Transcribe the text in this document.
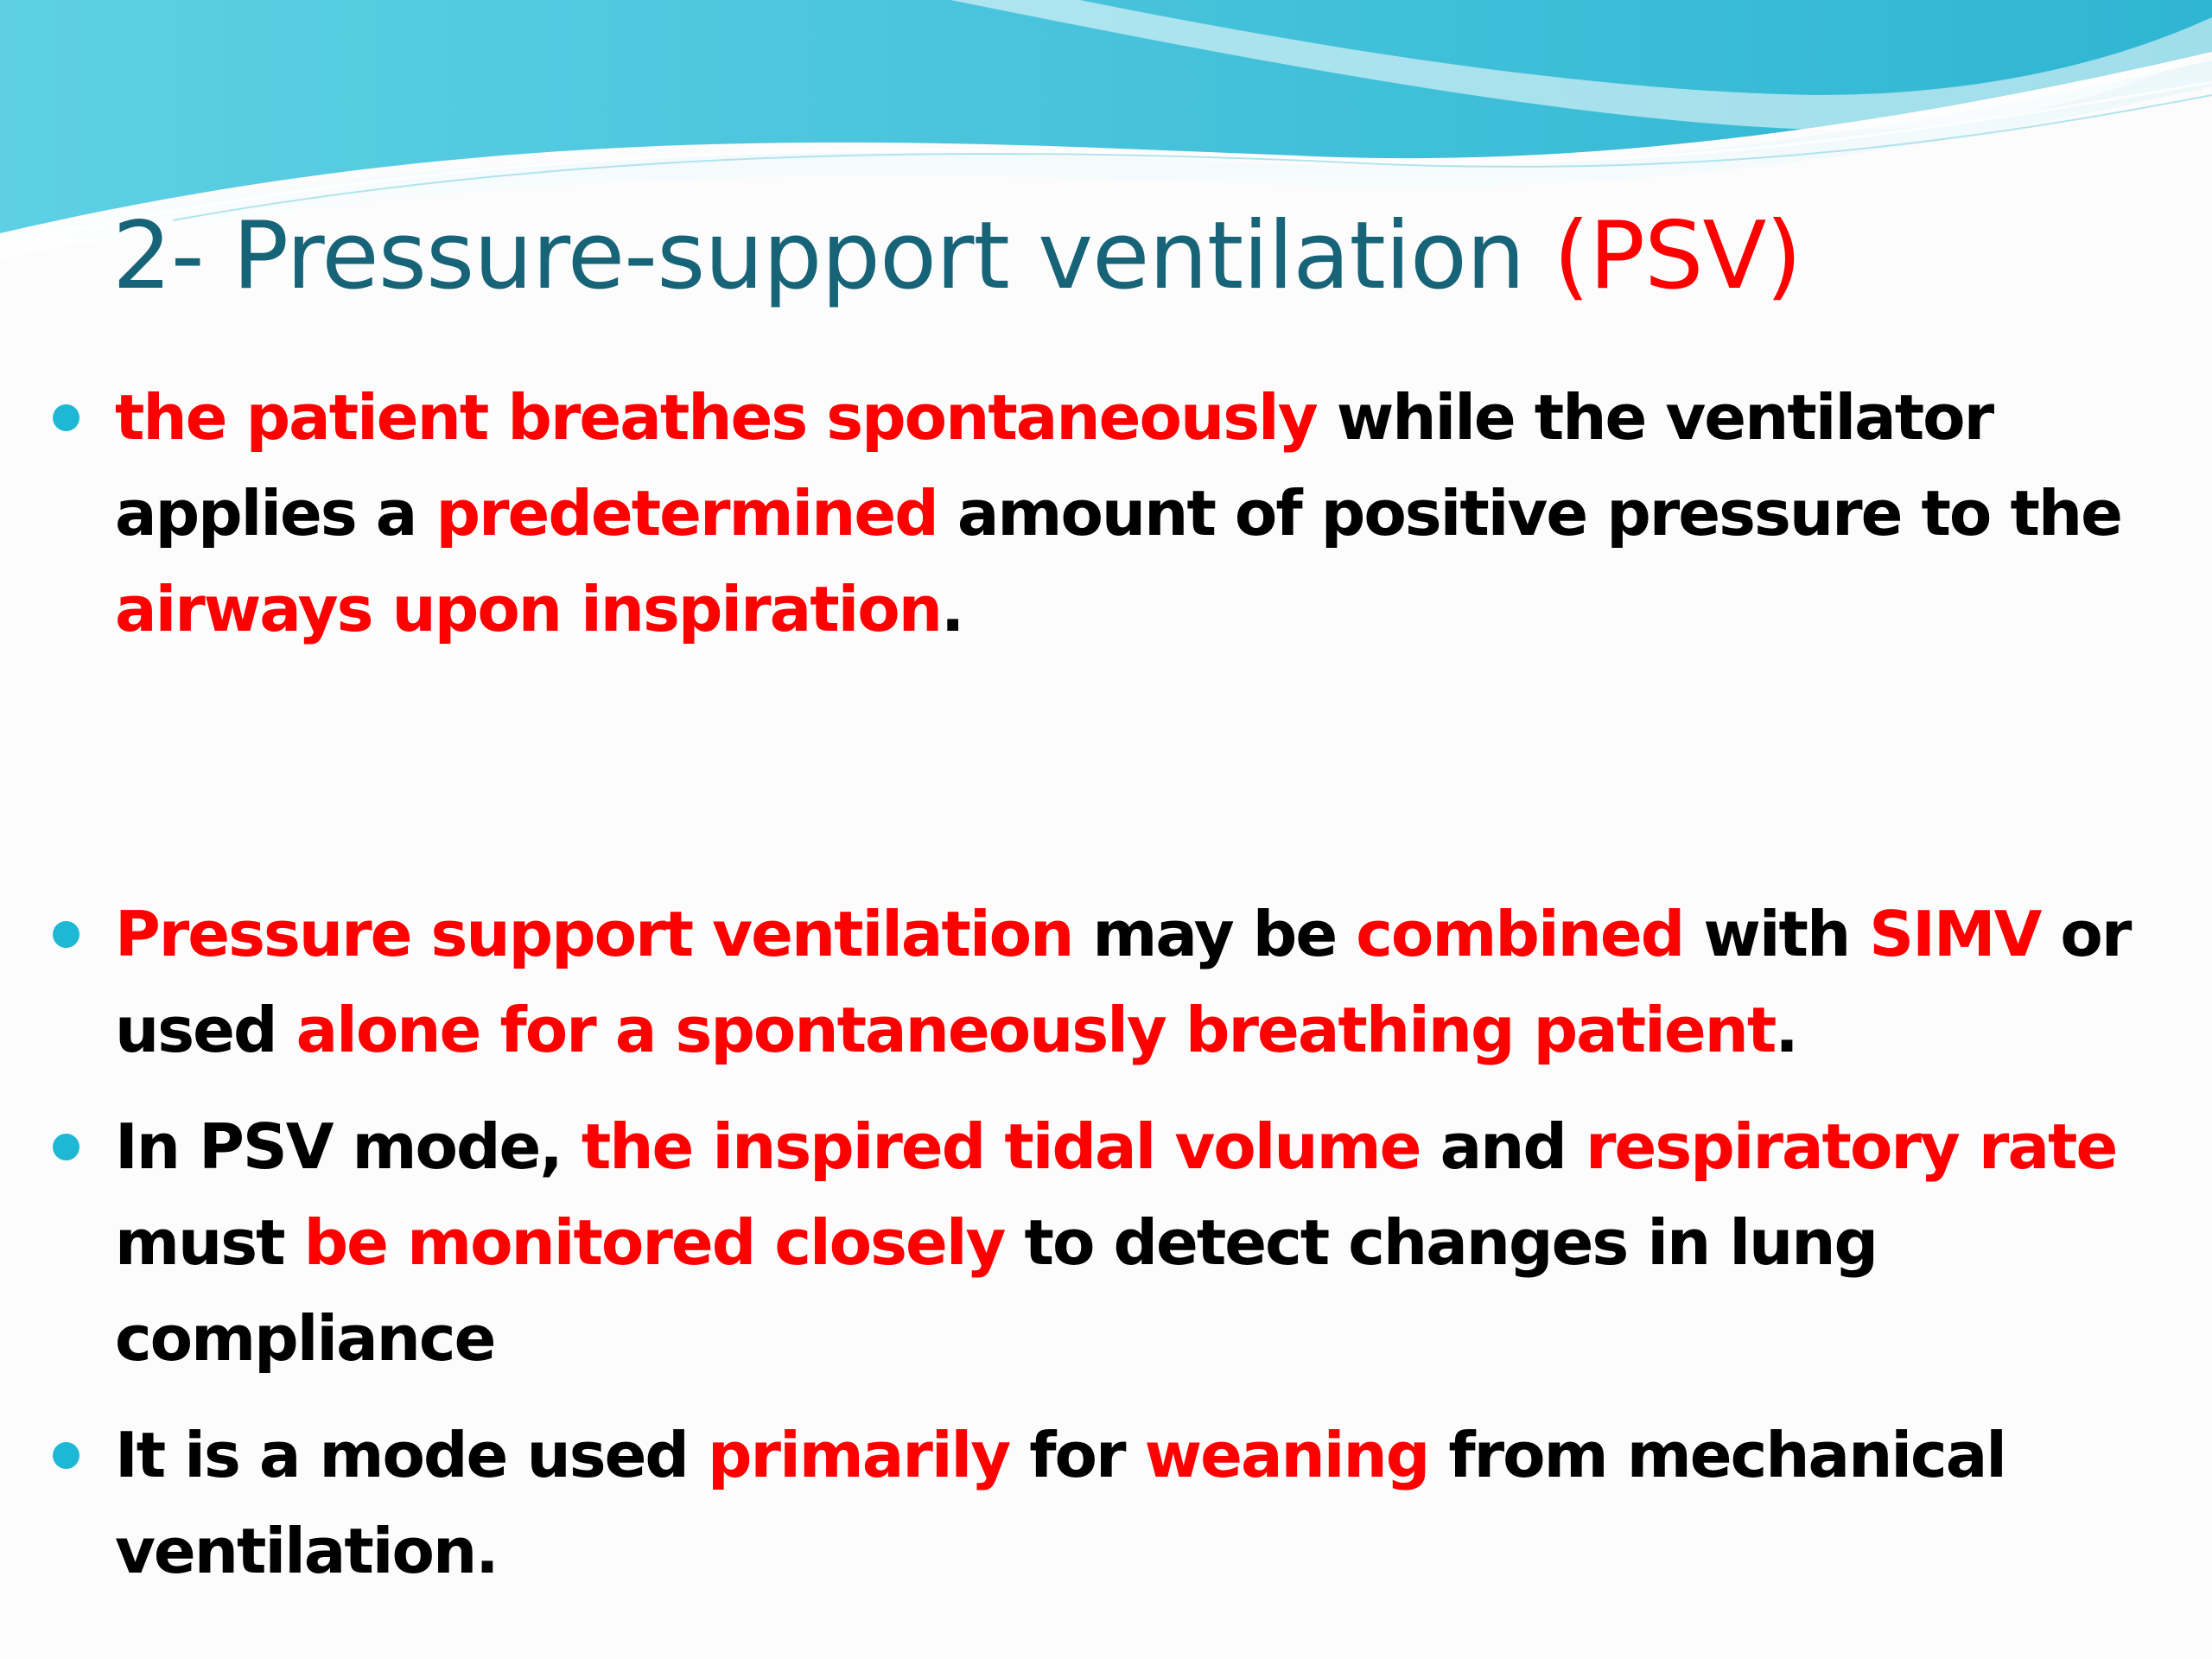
2- Pressure-support ventilation (PSV)
the patient breathes spontaneously while the ventilator applies a predetermined amount of positive pressure to the airways upon inspiration.
Pressure support ventilation may be combined with SIMV or used alone for a spontaneously breathing patient.
In PSV mode, the inspired tidal volume and respiratory rate must be monitored closely to detect changes in lung compliance
It is a mode used primarily for weaning from mechanical ventilation.
